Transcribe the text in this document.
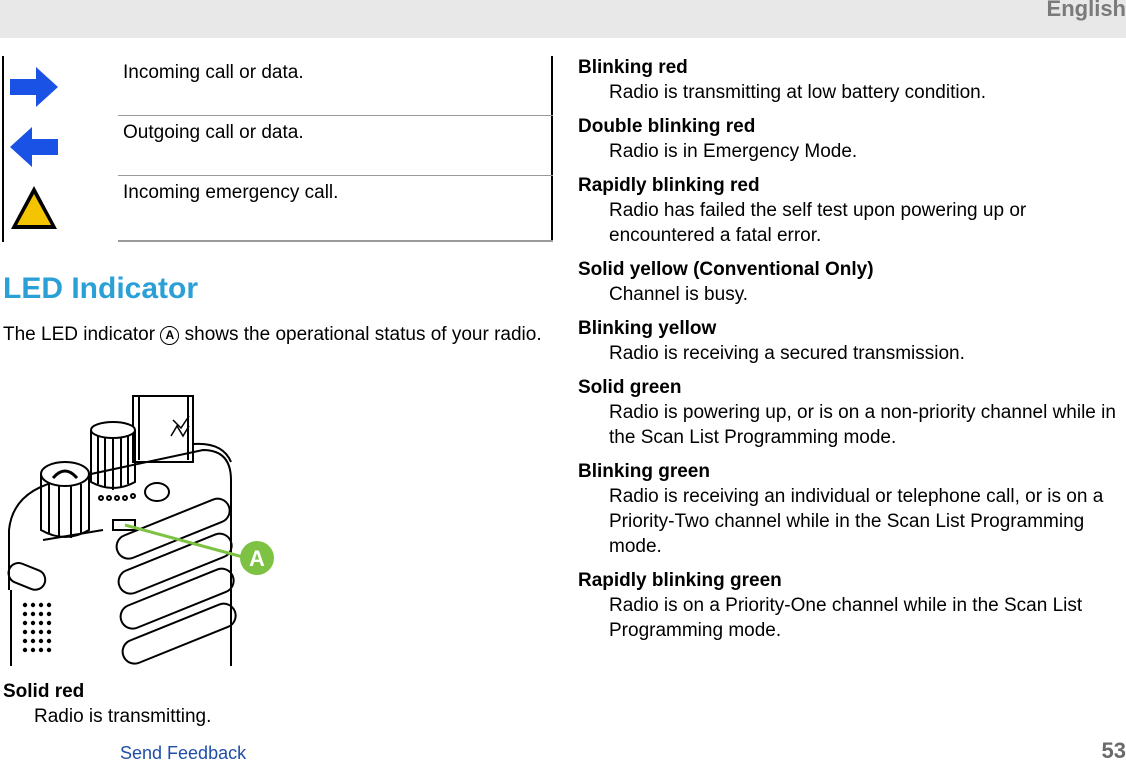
English
Incoming call or data.
Outgoing call or data.
Incoming emergency call.
LED Indicator
The LED indicator A shows the operational status of your radio.
A
Solid red
Radio is transmitting.
Blinking red
Radio is transmitting at low battery condition.
Double blinking red
Radio is in Emergency Mode.
Rapidly blinking red
Radio has failed the self test upon powering up or encountered a fatal error.
Solid yellow (Conventional Only)
Channel is busy.
Blinking yellow
Radio is receiving a secured transmission.
Solid green
Radio is powering up, or is on a non-priority channel while in the Scan List Programming mode.
Blinking green
Radio is receiving an individual or telephone call, or is on a Priority-Two channel while in the Scan List Programming mode.
Rapidly blinking green
Radio is on a Priority-One channel while in the Scan List Programming mode.
Send Feedback	53
